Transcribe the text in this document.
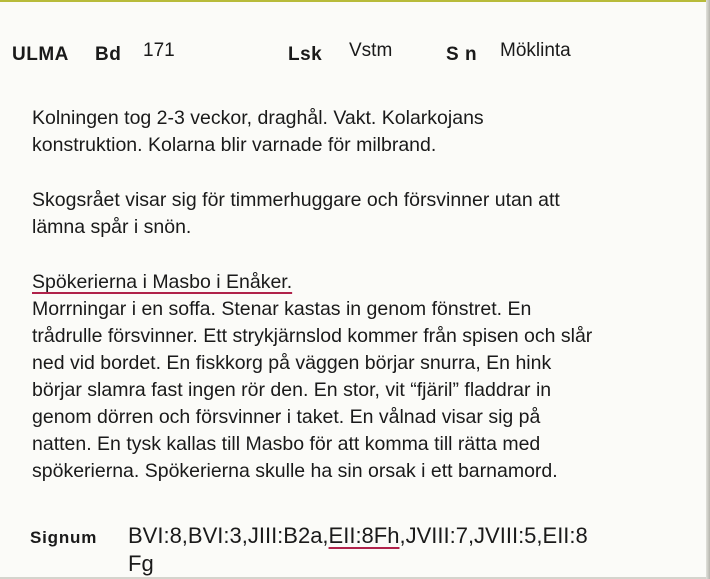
ULMA Bd 171	Lsk Vstm	S n Möklinta
Kolningen tog 2-3 veckor, draghål. Vakt. Kolarkojans
konstruktion. Kolarna blir varnade för milbrand.
Skogsrået visar sig för timmerhuggare och försvinner utan att
lämna spår i snön.
Spökerierna i Masbo i Enåker.
Morrningar i en soffa. Stenar kastas in genom fönstret. En
trådrulle försvinner. Ett strykjärnslod kommer från spisen och slår
ned vid bordet. En fiskkorg på väggen börjar snurra, En hink
börjar slamra fast ingen rör den. En stor, vit “fjäril” fladdrar in
genom dörren och försvinner i taket. En vålnad visar sig på
natten. En tysk kallas till Masbo för att komma till rätta med
spökerierna. Spökerierna skulle ha sin orsak i ett barnamord.
Signum BVI:8,BVI:3,JIII:B2a,EII:8Fh,JVIII:7,JVIII:5,EII:8
Fg
